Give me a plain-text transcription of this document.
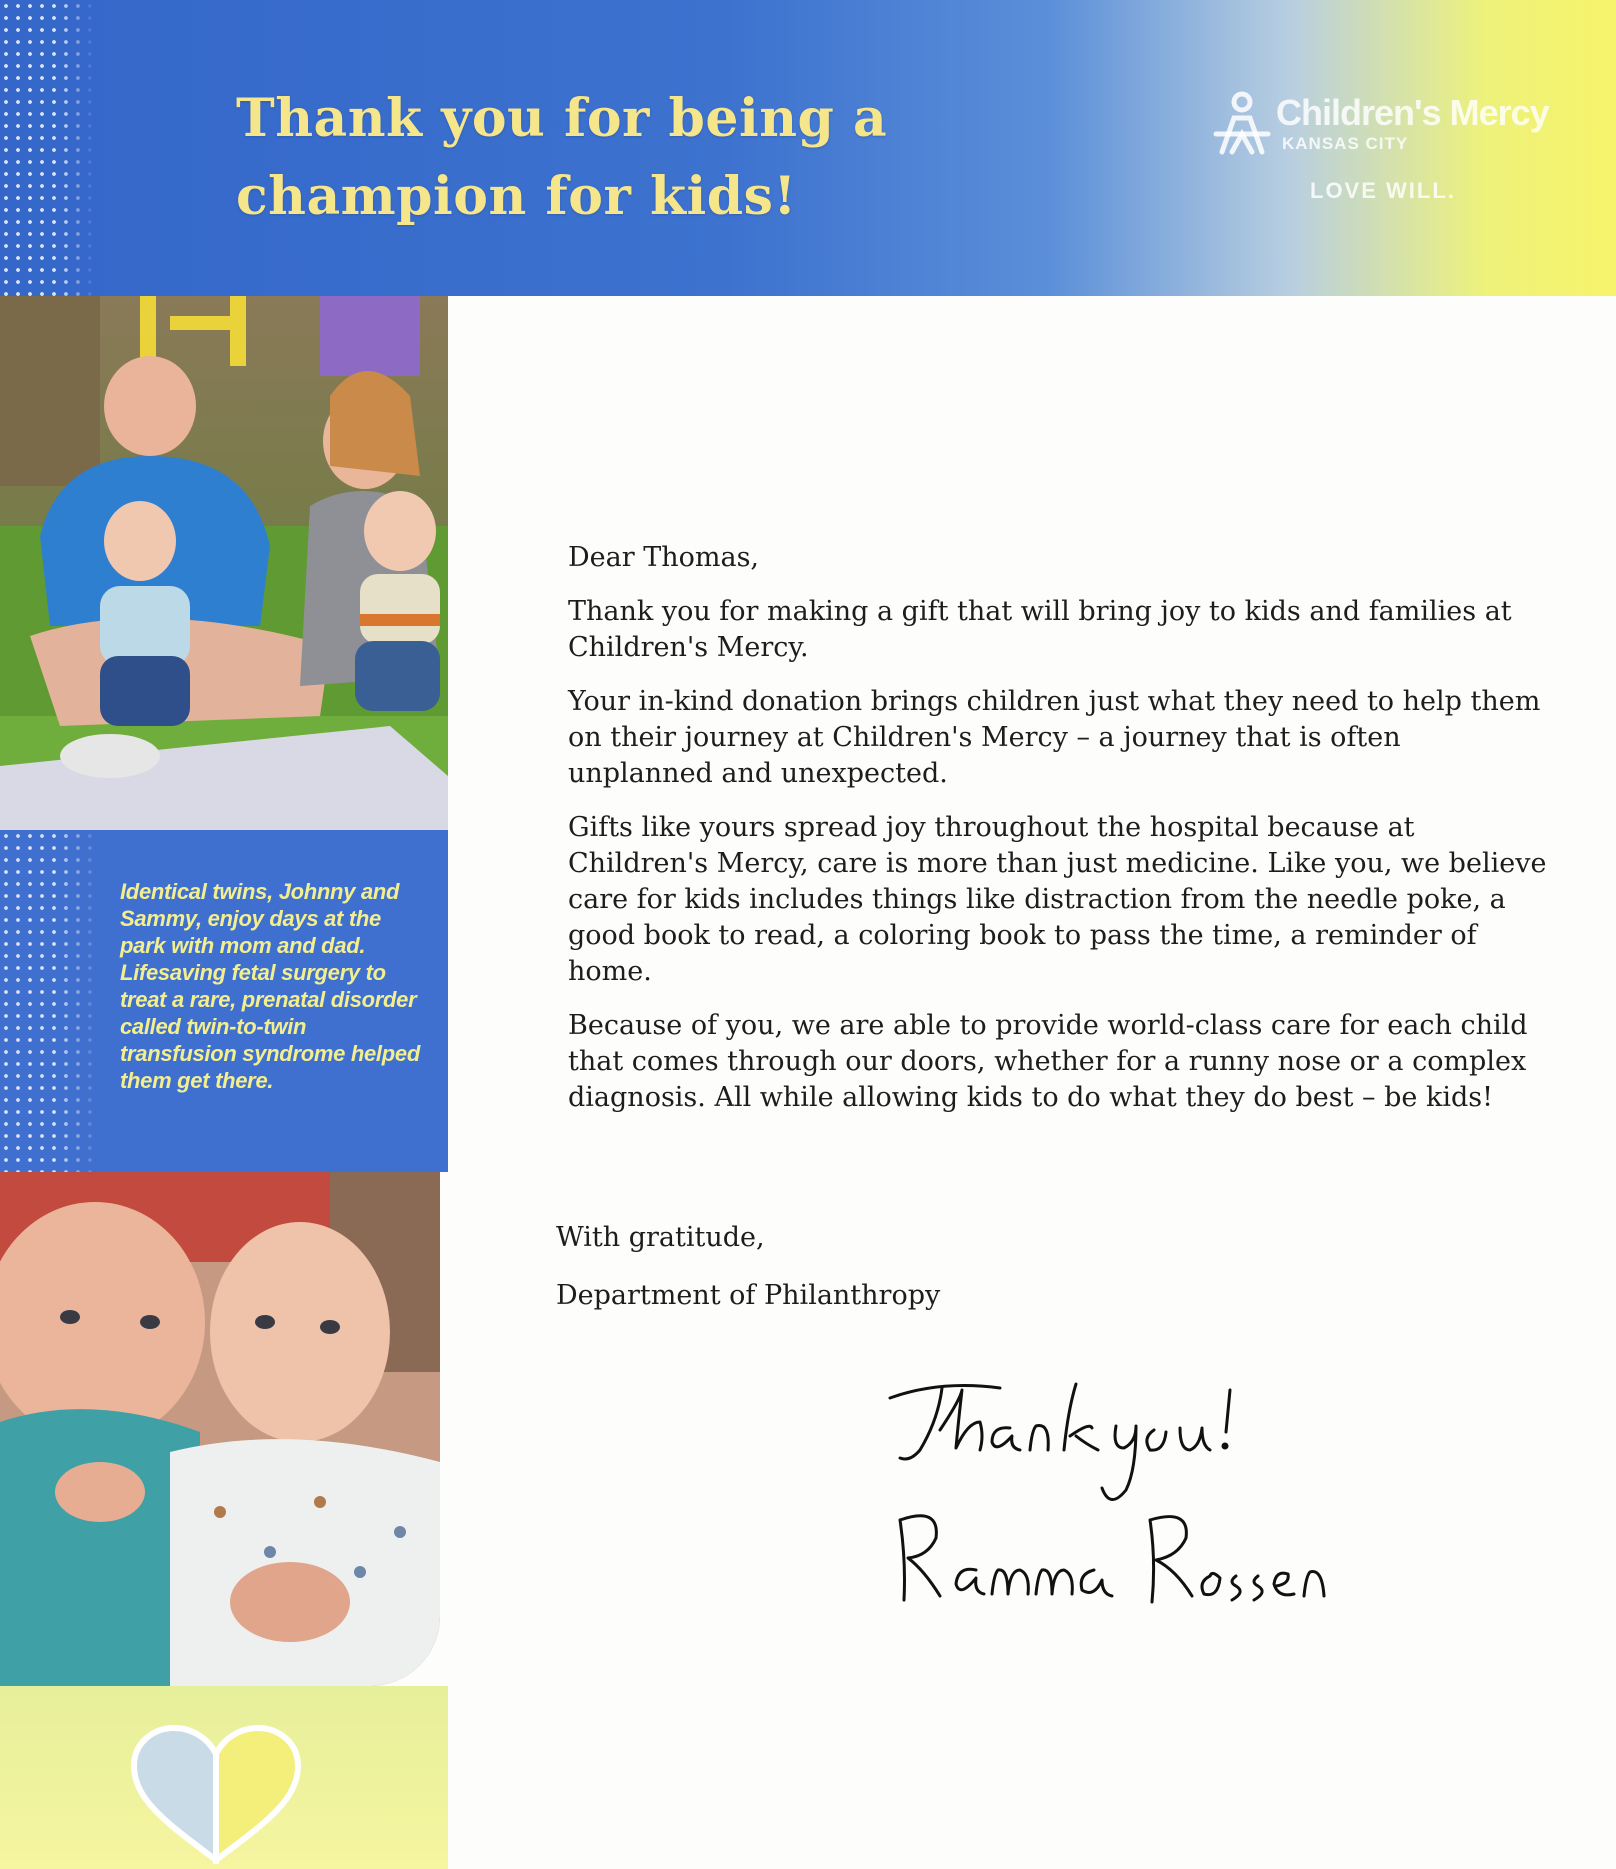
Thank you for being a
champion for kids!
Children's Mercy
KANSAS CITY
LOVE WILL.
Identical twins, Johnny and Sammy, enjoy days at the park with mom and dad. Lifesaving fetal surgery to treat a rare, prenatal disorder called twin-to-twin transfusion syndrome helped them get there.

Dear Thomas,

Thank you for making a gift that will bring joy to kids and families at Children's Mercy.

Your in-kind donation brings children just what they need to help them on their journey at Children's Mercy – a journey that is often unplanned and unexpected.

Gifts like yours spread joy throughout the hospital because at Children's Mercy, care is more than just medicine. Like you, we believe care for kids includes things like distraction from the needle poke, a good book to read, a coloring book to pass the time, a reminder of home.

Because of you, we are able to provide world-class care for each child that comes through our doors, whether for a runny nose or a complex diagnosis. All while allowing kids to do what they do best – be kids!

With gratitude,
Department of Philanthropy
